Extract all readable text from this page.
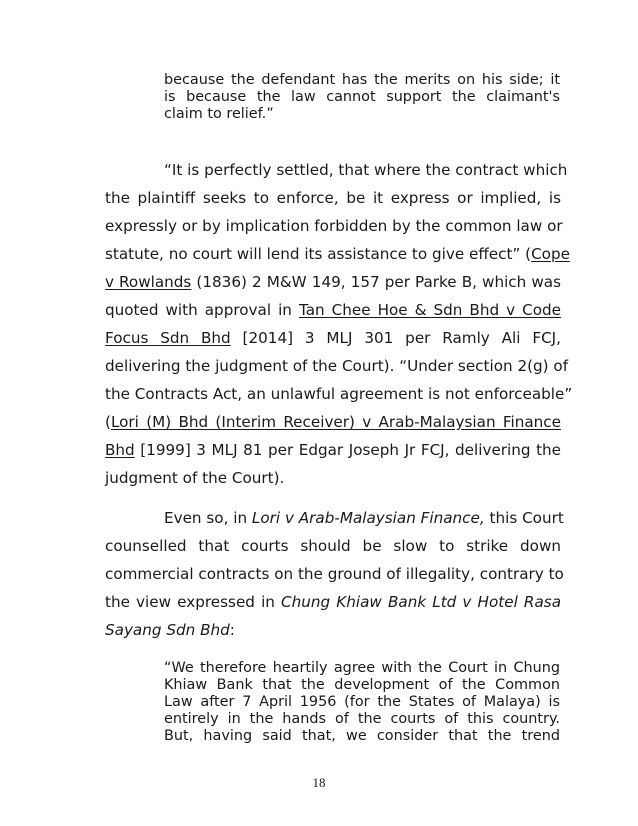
because the defendant has the merits on his side; it
is because the law cannot support the claimant's
claim to relief.”
“It is perfectly settled, that where the contract which
the plaintiff seeks to enforce, be it express or implied, is
expressly or by implication forbidden by the common law or
statute, no court will lend its assistance to give effect” (Cope
v Rowlands (1836) 2 M&W 149, 157 per Parke B, which was
quoted with approval in Tan Chee Hoe & Sdn Bhd v Code
Focus Sdn Bhd [2014] 3 MLJ 301 per Ramly Ali FCJ,
delivering the judgment of the Court). “Under section 2(g) of
the Contracts Act, an unlawful agreement is not enforceable”
(Lori (M) Bhd (Interim Receiver) v Arab-Malaysian Finance
Bhd [1999] 3 MLJ 81 per Edgar Joseph Jr FCJ, delivering the
judgment of the Court).
Even so, in Lori v Arab-Malaysian Finance, this Court
counselled that courts should be slow to strike down
commercial contracts on the ground of illegality, contrary to
the view expressed in Chung Khiaw Bank Ltd v Hotel Rasa
Sayang Sdn Bhd:
“We therefore heartily agree with the Court in Chung
Khiaw Bank that the development of the Common
Law after 7 April 1956 (for the States of Malaya) is
entirely in the hands of the courts of this country.
But, having said that, we consider that the trend
18
